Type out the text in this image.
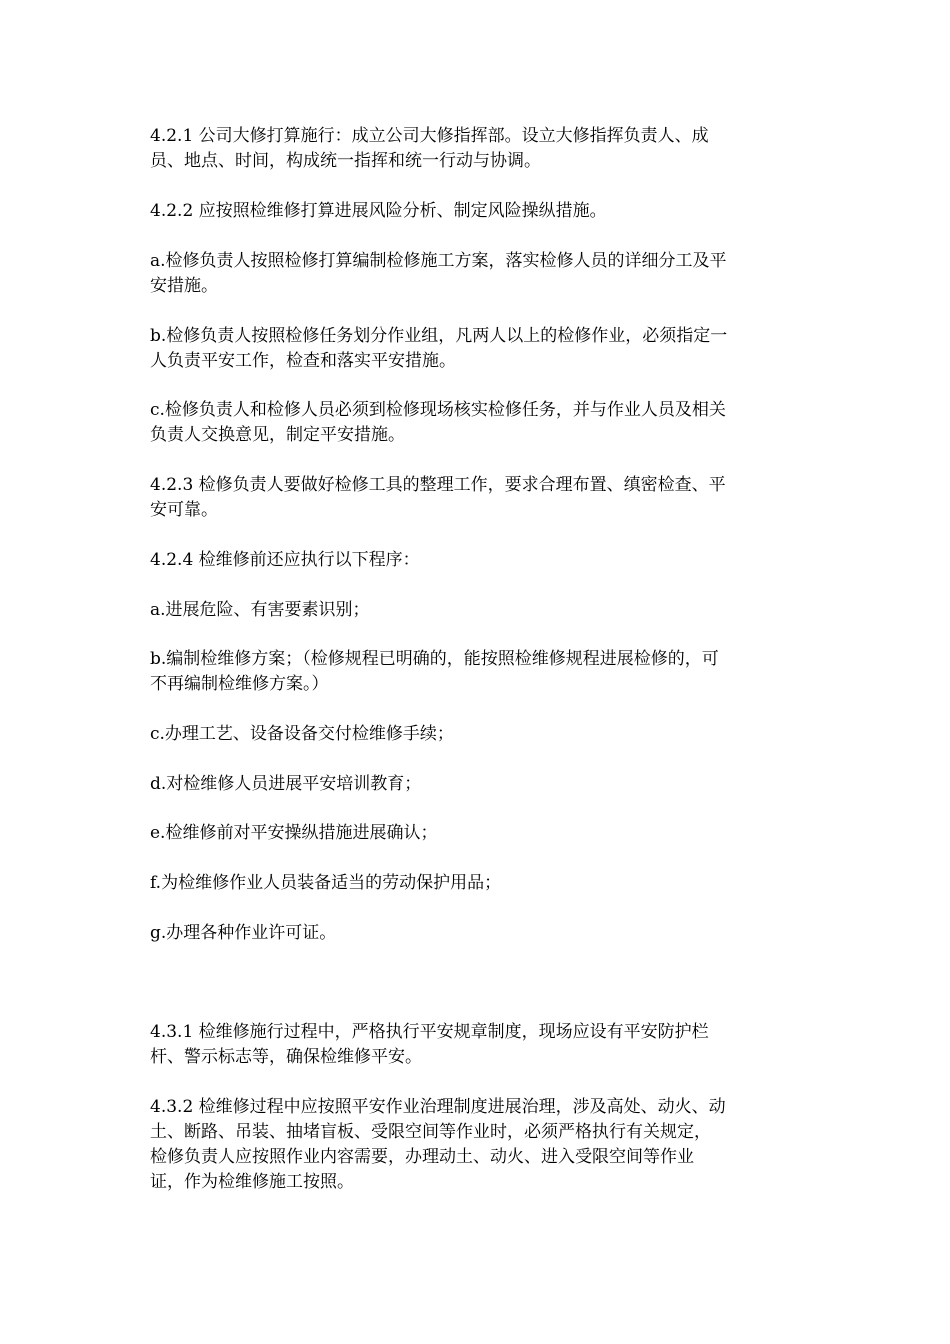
4.2.1 公司大修打算施行：成立公司大修指挥部。设立大修指挥负责人、成
员、地点、时间，构成统一指挥和统一行动与协调。

4.2.2 应按照检维修打算进展风险分析、制定风险操纵措施。

a.检修负责人按照检修打算编制检修施工方案，落实检修人员的详细分工及平
安措施。

b.检修负责人按照检修任务划分作业组，凡两人以上的检修作业，必须指定一
人负责平安工作，检查和落实平安措施。

c.检修负责人和检修人员必须到检修现场核实检修任务，并与作业人员及相关
负责人交换意见，制定平安措施。

4.2.3 检修负责人要做好检修工具的整理工作，要求合理布置、缜密检查、平
安可靠。

4.2.4 检维修前还应执行以下程序：

a.进展危险、有害要素识别；

b.编制检维修方案；（检修规程已明确的，能按照检维修规程进展检修的，可
不再编制检维修方案。）

c.办理工艺、设备设备交付检维修手续；

d.对检维修人员进展平安培训教育；

e.检维修前对平安操纵措施进展确认；

f.为检维修作业人员装备适当的劳动保护用品；

g.办理各种作业许可证。

4.3.1 检维修施行过程中，严格执行平安规章制度，现场应设有平安防护栏
杆、警示标志等，确保检维修平安。

4.3.2 检维修过程中应按照平安作业治理制度进展治理，涉及高处、动火、动
土、断路、吊装、抽堵盲板、受限空间等作业时，必须严格执行有关规定，
检修负责人应按照作业内容需要，办理动土、动火、进入受限空间等作业
证，作为检维修施工按照。
